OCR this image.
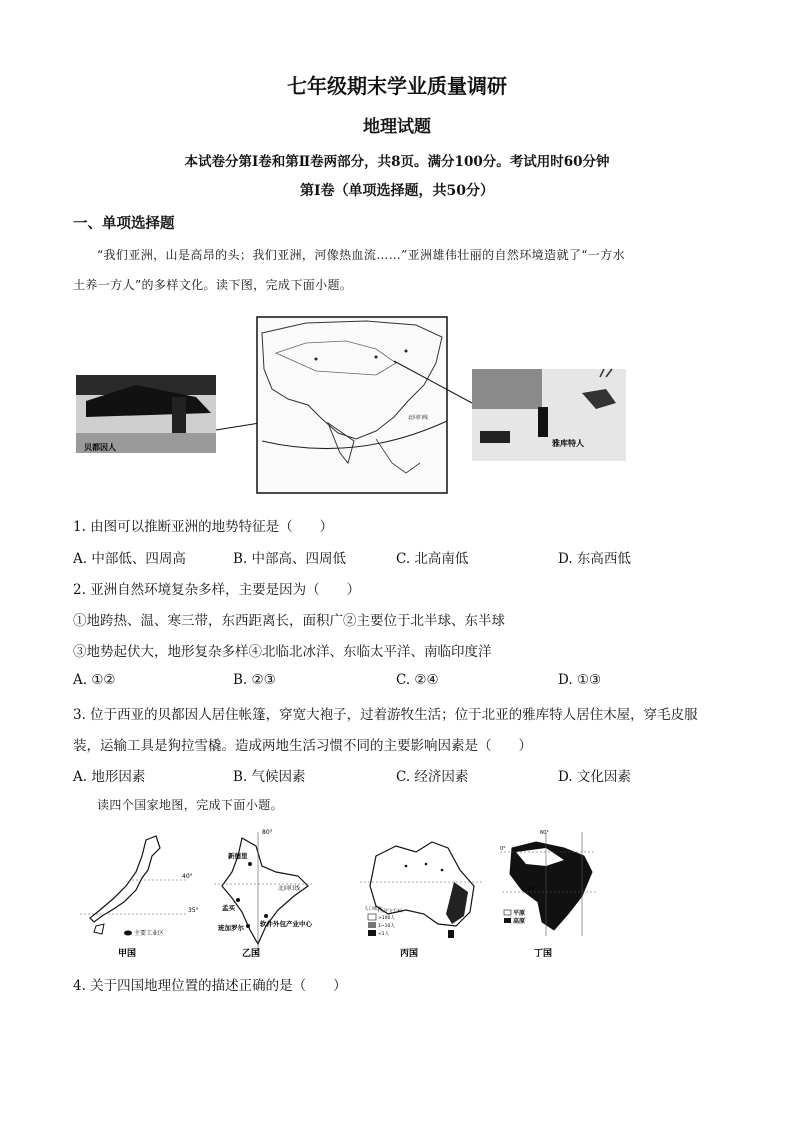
七年级期末学业质量调研
地理试题
本试卷分第Ⅰ卷和第Ⅱ卷两部分，共8页。满分100分。考试用时60分钟
第Ⅰ卷（单项选择题，共50分）
一、单项选择题
“我们亚洲，山是高昂的头；我们亚洲，河像热血流……”亚洲雄伟壮丽的自然环境造就了“一方水
土养一方人”的多样文化。读下图，完成下面小题。
贝都因人
北回归线
雅库特人
1. 由图可以推断亚洲的地势特征是（　　）
A. 中部低、四周高	B. 中部高、四周低	C. 北高南低	D. 东高西低
2. 亚洲自然环境复杂多样，主要是因为（　　）
①地跨热、温、寒三带，东西距离长，面积广②主要位于北半球、东半球
③地势起伏大，地形复杂多样④北临北冰洋、东临太平洋、南临印度洋
A. ①②	B. ②③	C. ②④	D. ①③
3. 位于西亚的贝都因人居住帐篷，穿宽大袍子，过着游牧生活；位于北亚的雅库特人居住木屋，穿毛皮服
装，运输工具是狗拉雪橇。造成两地生活习惯不同的主要影响因素是（　　）
A. 地形因素	B. 气候因素	C. 经济因素	D. 文化因素
读四个国家地图，完成下面小题。
40°
35°
主要工业区
甲国
80°
新德里
孟买
班加罗尔 软件外包产业中心
北回归线
乙国
人口密度
(人/平方千米)
>100人
1~10人
<1人
丙国
60°
0°
20°
平原
高原
丁国
4. 关于四国地理位置的描述正确的是（　　）
